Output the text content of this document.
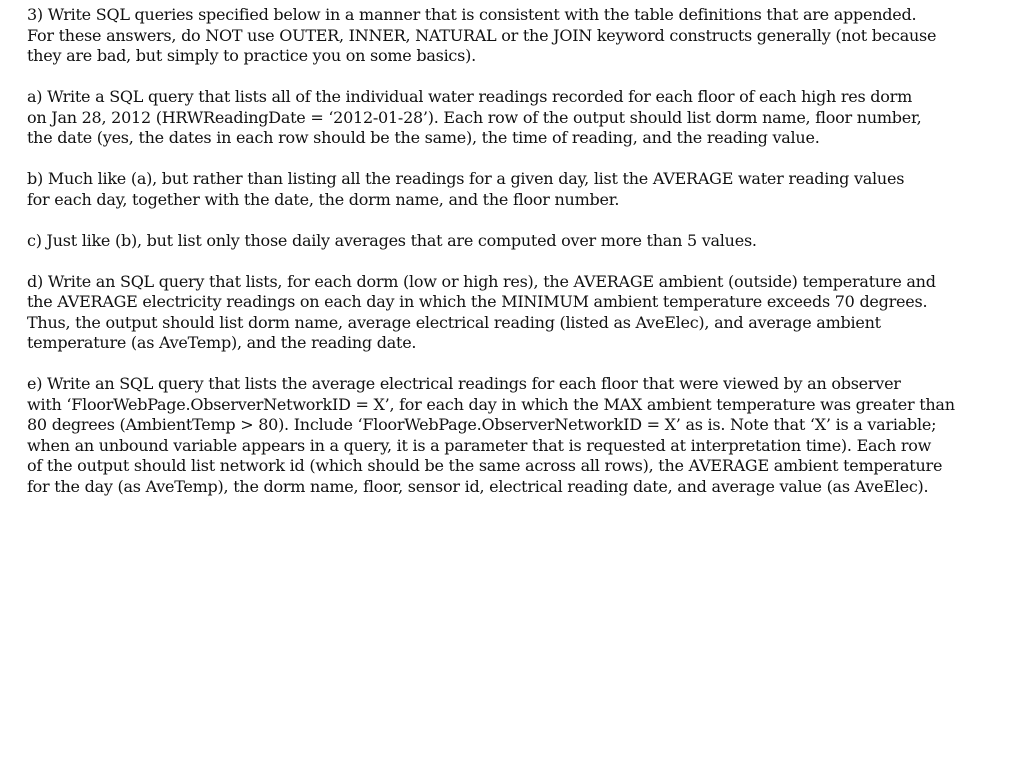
3) Write SQL queries specified below in a manner that is consistent with the table definitions that are appended.
For these answers, do NOT use OUTER, INNER, NATURAL or the JOIN keyword constructs generally (not because
they are bad, but simply to practice you on some basics).

a) Write a SQL query that lists all of the individual water readings recorded for each floor of each high res dorm
on Jan 28, 2012 (HRWReadingDate = ‘2012-01-28’). Each row of the output should list dorm name, floor number,
the date (yes, the dates in each row should be the same), the time of reading, and the reading value.

b) Much like (a), but rather than listing all the readings for a given day, list the AVERAGE water reading values
for each day, together with the date, the dorm name, and the floor number.

c) Just like (b), but list only those daily averages that are computed over more than 5 values.

d) Write an SQL query that lists, for each dorm (low or high res), the AVERAGE ambient (outside) temperature and
the AVERAGE electricity readings on each day in which the MINIMUM ambient temperature exceeds 70 degrees.
Thus, the output should list dorm name, average electrical reading (listed as AveElec), and average ambient
temperature (as AveTemp), and the reading date.

e) Write an SQL query that lists the average electrical readings for each floor that were viewed by an observer
with ‘FloorWebPage.ObserverNetworkID = X’, for each day in which the MAX ambient temperature was greater than
80 degrees (AmbientTemp > 80). Include ‘FloorWebPage.ObserverNetworkID = X’ as is. Note that ‘X’ is a variable;
when an unbound variable appears in a query, it is a parameter that is requested at interpretation time). Each row
of the output should list network id (which should be the same across all rows), the AVERAGE ambient temperature
for the day (as AveTemp), the dorm name, floor, sensor id, electrical reading date, and average value (as AveElec).
